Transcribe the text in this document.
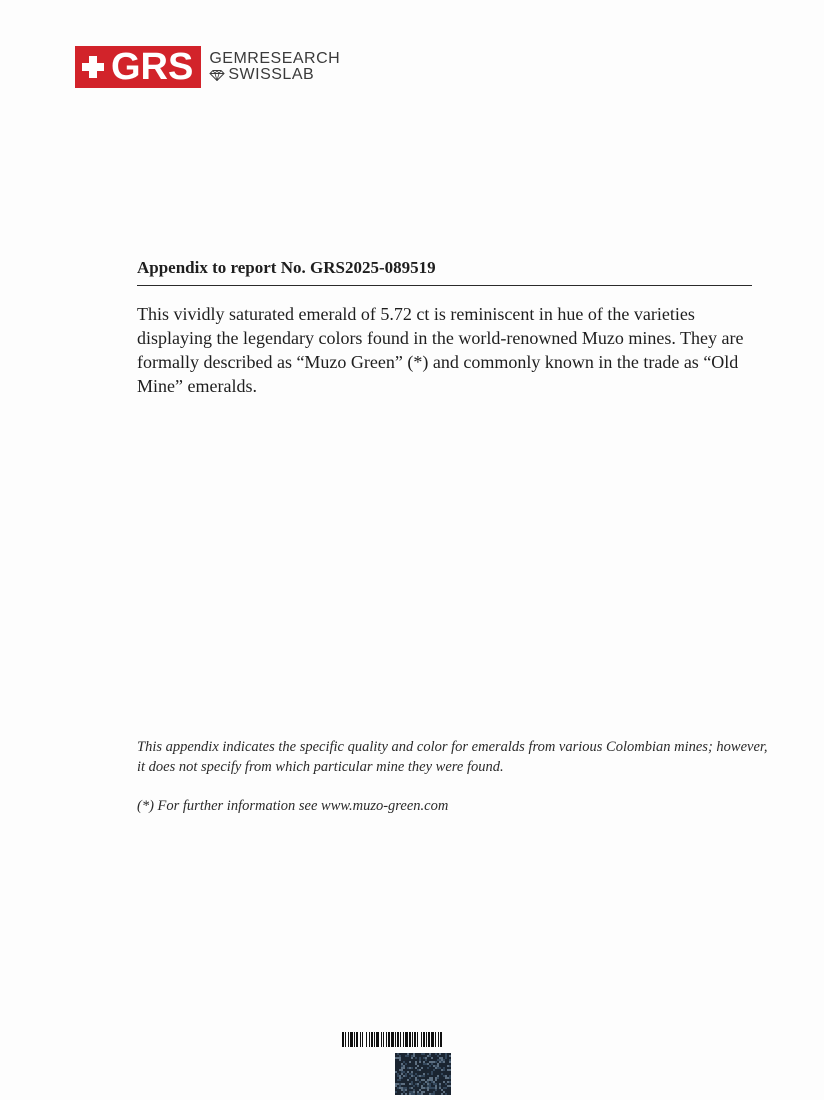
GRS GEMRESEARCH
SWISSLAB
Appendix to report No. GRS2025-089519

This vividly saturated emerald of 5.72 ct is reminiscent in hue of the varieties displaying the legendary colors found in the world-renowned Muzo mines. They are formally described as “Muzo Green” (*) and commonly known in the trade as “Old Mine” emeralds.

This appendix indicates the specific quality and color for emeralds from various Colombian mines; however, it does not specify from which particular mine they were found.

(*) For further information see www.muzo-green.com
